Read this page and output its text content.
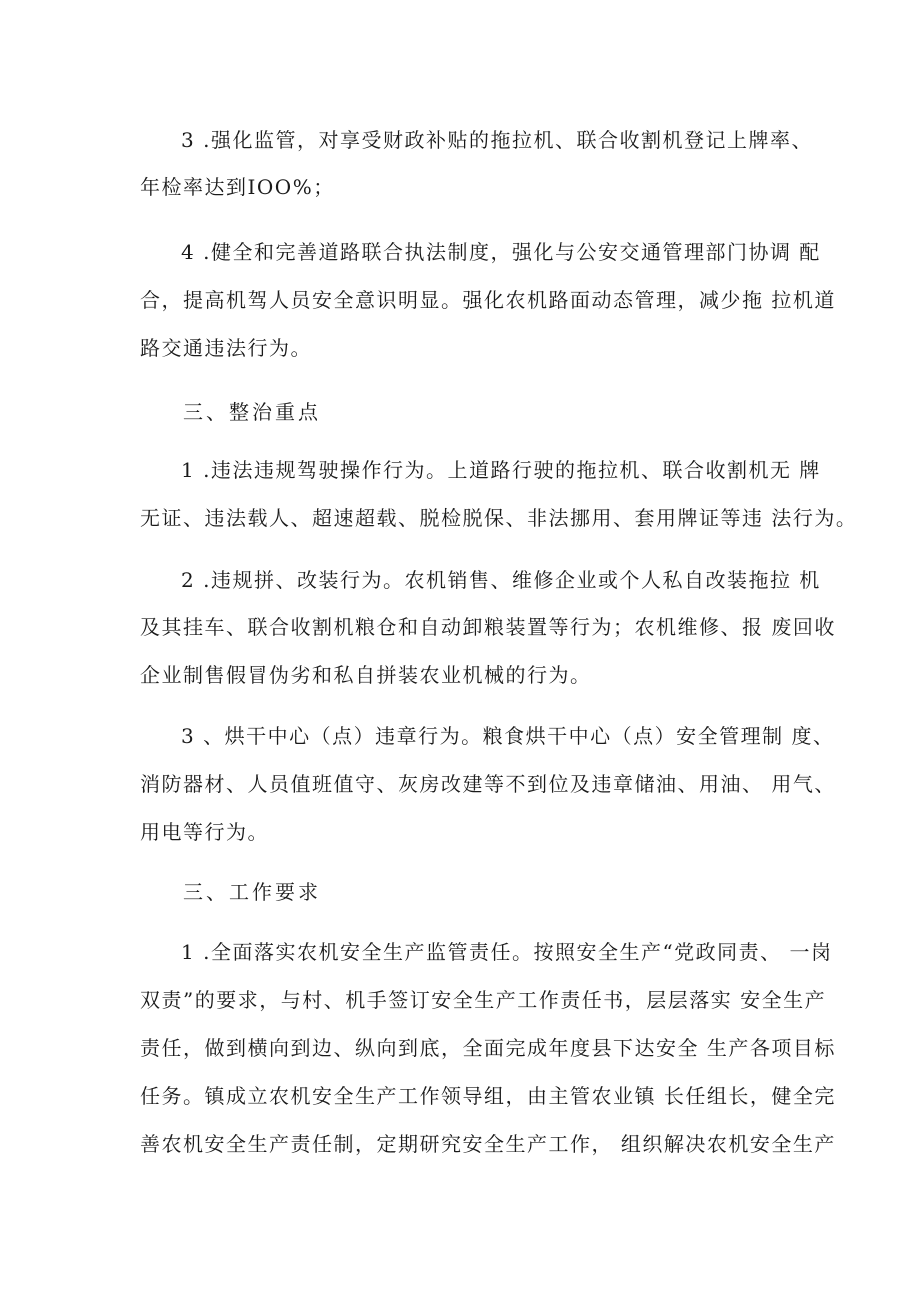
3 .强化监管，对享受财政补贴的拖拉机、联合收割机登记上牌率、
年检率达到IOO%；
4 .健全和完善道路联合执法制度，强化与公安交通管理部门协调 配
合，提高机驾人员安全意识明显。强化农机路面动态管理，减少拖 拉机道
路交通违法行为。
三、整治重点
1 .违法违规驾驶操作行为。上道路行驶的拖拉机、联合收割机无 牌
无证、违法载人、超速超载、脱检脱保、非法挪用、套用牌证等违 法行为。
2 .违规拼、改装行为。农机销售、维修企业或个人私自改装拖拉 机
及其挂车、联合收割机粮仓和自动卸粮装置等行为；农机维修、报 废回收
企业制售假冒伪劣和私自拼装农业机械的行为。
3 、烘干中心（点）违章行为。粮食烘干中心（点）安全管理制 度、
消防器材、人员值班值守、灰房改建等不到位及违章储油、用油、 用气、
用电等行为。
三、工作要求
1 .全面落实农机安全生产监管责任。按照安全生产“党政同责、 一岗
双责”的要求，与村、机手签订安全生产工作责任书，层层落实 安全生产
责任，做到横向到边、纵向到底，全面完成年度县下达安全 生产各项目标
任务。镇成立农机安全生产工作领导组，由主管农业镇 长任组长，健全完
善农机安全生产责任制，定期研究安全生产工作， 组织解决农机安全生产
